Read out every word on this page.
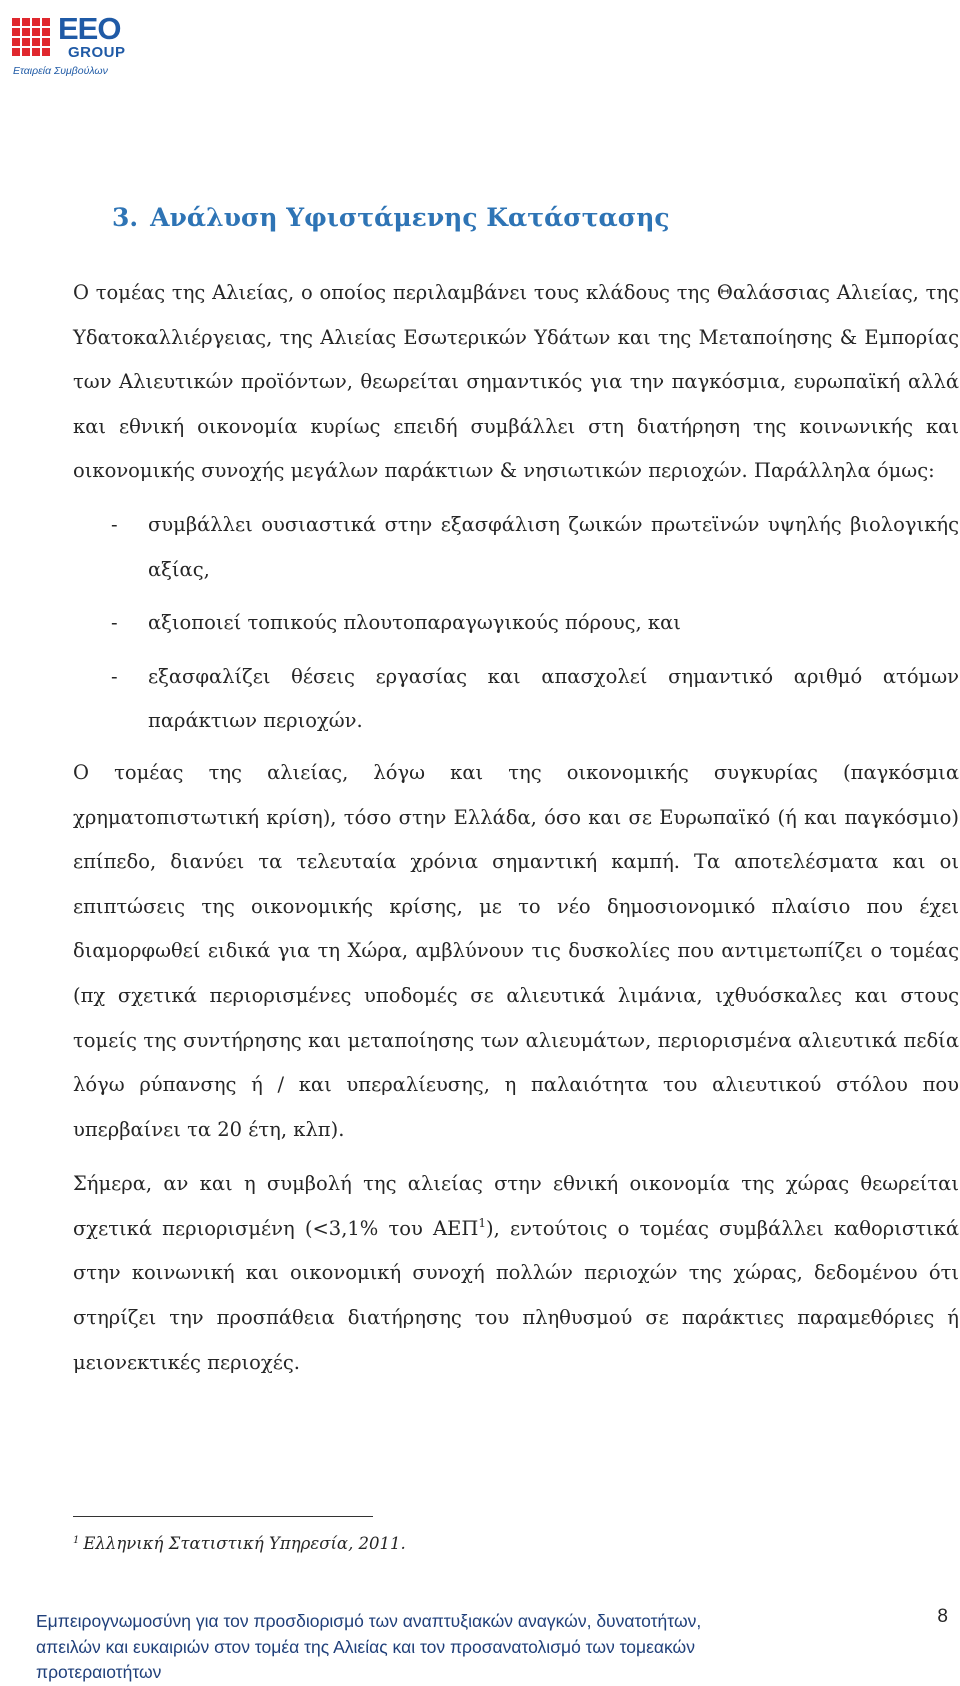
EEO
GROUP
Εταιρεία Συμβούλων
3. Ανάλυση Υφιστάμενης Κατάστασης

Ο τομέας της Αλιείας, ο οποίος περιλαμβάνει τους κλάδους της Θαλάσσιας Αλιείας, της Υδατοκαλλιέργειας, της Αλιείας Εσωτερικών Υδάτων και της Μεταποίησης & Εμπορίας των Αλιευτικών προϊόντων, θεωρείται σημαντικός για την παγκόσμια, ευρωπαϊκή αλλά και εθνική οικονομία κυρίως επειδή συμβάλλει στη διατήρηση της κοινωνικής και οικονομικής συνοχής μεγάλων παράκτιων & νησιωτικών περιοχών. Παράλληλα όμως:

- συμβάλλει ουσιαστικά στην εξασφάλιση ζωικών πρωτεϊνών υψηλής βιολογικής αξίας,
- αξιοποιεί τοπικούς πλουτοπαραγωγικούς πόρους, και
- εξασφαλίζει θέσεις εργασίας και απασχολεί σημαντικό αριθμό ατόμων παράκτιων περιοχών.

Ο τομέας της αλιείας, λόγω και της οικονομικής συγκυρίας (παγκόσμια χρηματοπιστωτική κρίση), τόσο στην Ελλάδα, όσο και σε Ευρωπαϊκό (ή και παγκόσμιο) επίπεδο, διανύει τα τελευταία χρόνια σημαντική καμπή. Τα αποτελέσματα και οι επιπτώσεις της οικονομικής κρίσης, με το νέο δημοσιονομικό πλαίσιο που έχει διαμορφωθεί ειδικά για τη Χώρα, αμβλύνουν τις δυσκολίες που αντιμετωπίζει ο τομέας (πχ σχετικά περιορισμένες υποδομές σε αλιευτικά λιμάνια, ιχθυόσκαλες και στους τομείς της συντήρησης και μεταποίησης των αλιευμάτων, περιορισμένα αλιευτικά πεδία λόγω ρύπανσης ή / και υπεραλίευσης, η παλαιότητα του αλιευτικού στόλου που υπερβαίνει τα 20 έτη, κλπ).

Σήμερα, αν και η συμβολή της αλιείας στην εθνική οικονομία της χώρας θεωρείται σχετικά περιορισμένη (<3,1% του ΑΕΠ$^1$), εντούτοις ο τομέας συμβάλλει καθοριστικά στην κοινωνική και οικονομική συνοχή πολλών περιοχών της χώρας, δεδομένου ότι στηρίζει την προσπάθεια διατήρησης του πληθυσμού σε παράκτιες παραμεθόριες ή μειονεκτικές περιοχές.

$^1$ Ελληνική Στατιστική Υπηρεσία, 2011.
Εμπειρογνωμοσύνη για τον προσδιορισμό των αναπτυξιακών αναγκών, δυνατοτήτων,
απειλών και ευκαιριών στον τομέα της Αλιείας και τον προσανατολισμό των τομεακών
προτεραιοτήτων
8
